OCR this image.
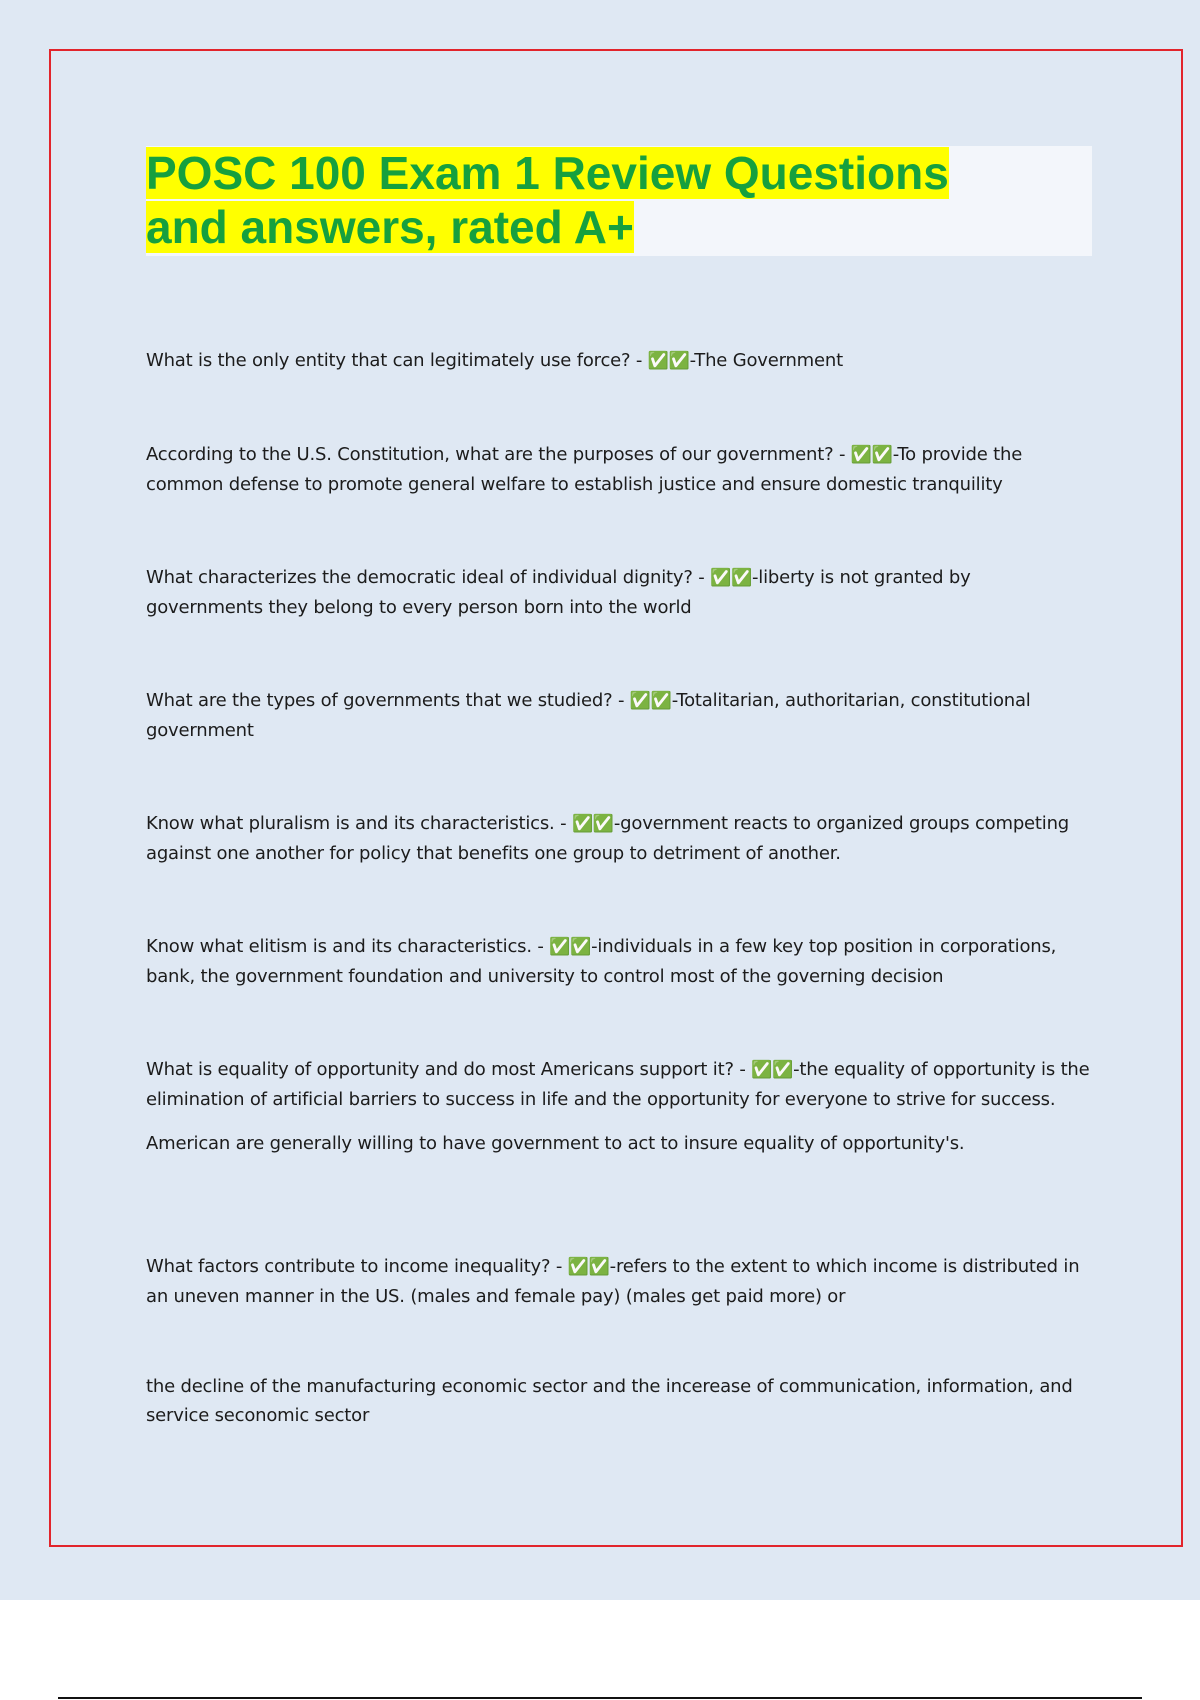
POSC 100 Exam 1 Review Questions
and answers, rated A+

What is the only entity that can legitimately use force? - ✅✅-The Government

According to the U.S. Constitution, what are the purposes of our government? - ✅✅-To provide the common defense to promote general welfare to establish justice and ensure domestic tranquility

What characterizes the democratic ideal of individual dignity? - ✅✅-liberty is not granted by governments they belong to every person born into the world

What are the types of governments that we studied? - ✅✅-Totalitarian, authoritarian, constitutional government

Know what pluralism is and its characteristics. - ✅✅-government reacts to organized groups competing against one another for policy that benefits one group to detriment of another.

Know what elitism is and its characteristics. - ✅✅-individuals in a few key top position in corporations, bank, the government foundation and university to control most of the governing decision

What is equality of opportunity and do most Americans support it? - ✅✅-the equality of opportunity is the elimination of artificial barriers to success in life and the opportunity for everyone to strive for success.

American are generally willing to have government to act to insure equality of opportunity's.

What factors contribute to income inequality? - ✅✅-refers to the extent to which income is distributed in an uneven manner in the US. (males and female pay) (males get paid more) or

the decline of the manufacturing economic sector and the incerease of communication, information, and service seconomic sector
